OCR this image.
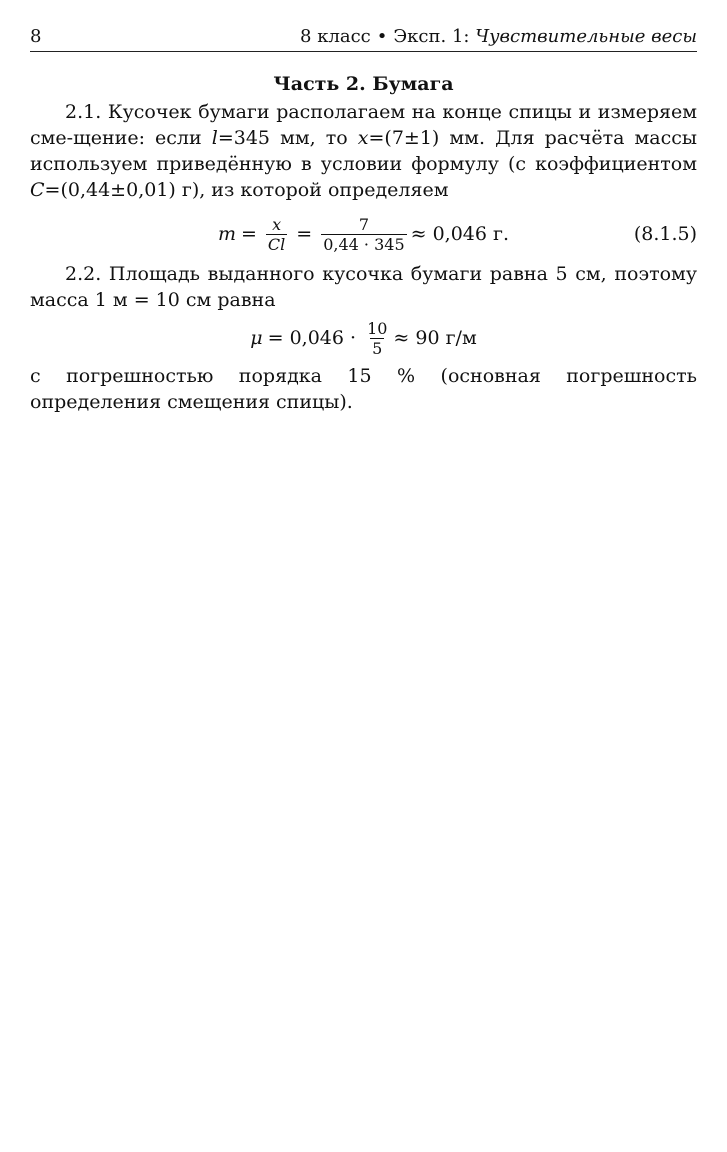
8	8 класс • Эксп. 1: Чувствительные весы
Часть 2. Бумага

2.1. Кусочек бумаги располагаем на конце спицы и измеряем сме-щение: если l=345 мм, то x=(7±1) мм. Для расчёта массы используем приведённую в условии формулу (с коэффициентом C=(0,44±0,01) г), из которой определяем

$m = \frac{x}{Cl} = \frac{7}{0,44 \cdot 345} \approx 0,046$ г.	(8.1.5)

2.2. Площадь выданного кусочка бумаги равна 5 см, поэтому масса 1 м = 10 см равна

$\mu = 0,046 \cdot \frac{10}{5} \approx 90$ г/м

с погрешностью порядка 15 % (основная погрешность определения смещения спицы).
